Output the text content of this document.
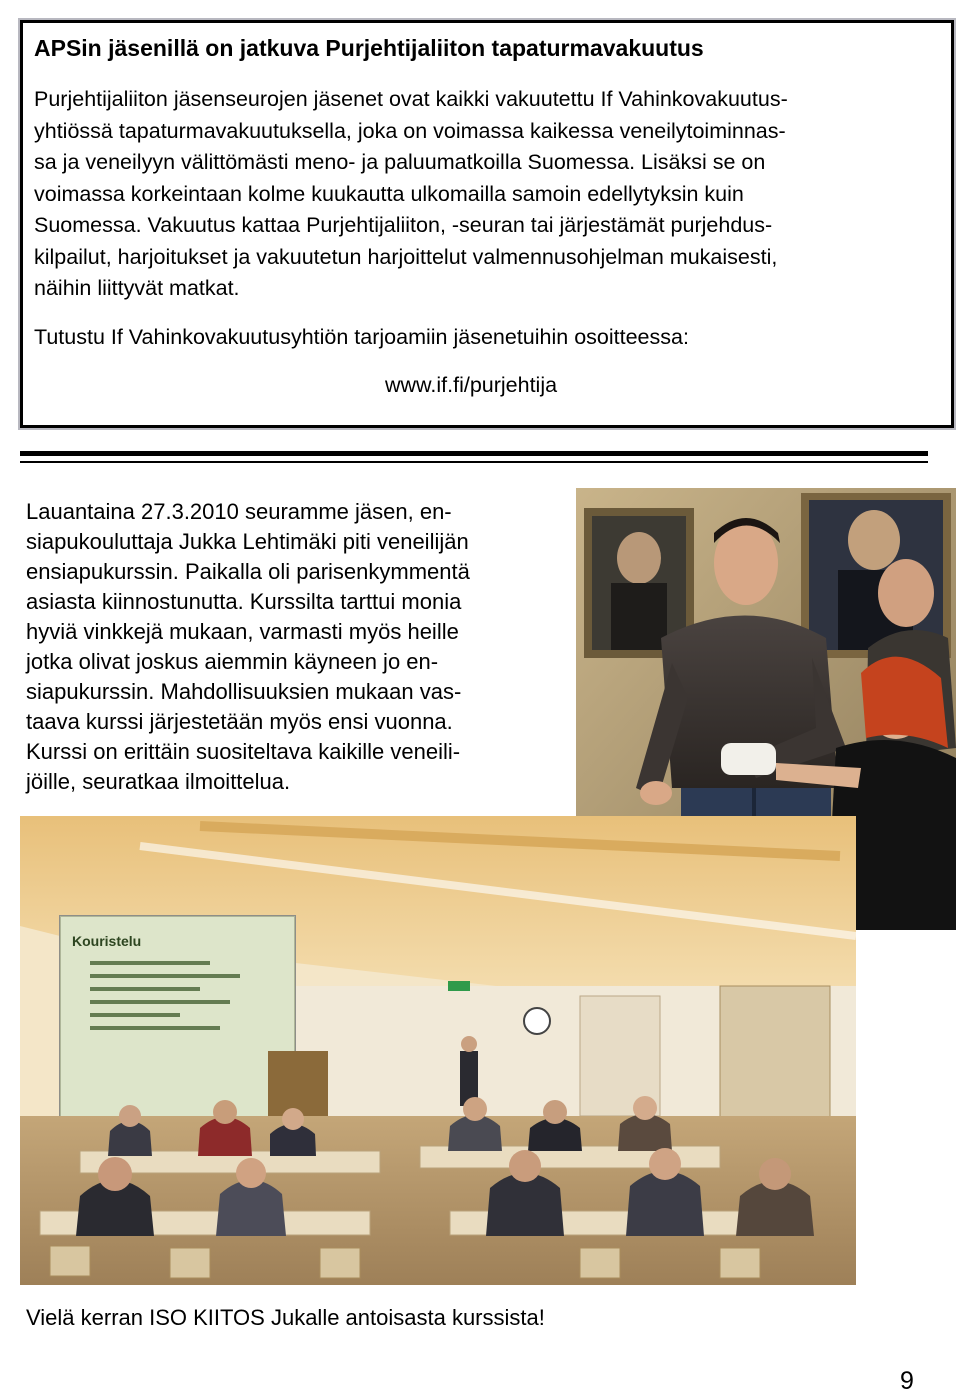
APSin jäsenillä on jatkuva Purjehtijaliiton tapaturmavakuutus

Purjehtijaliiton jäsenseurojen jäsenet ovat kaikki vakuutettu If Vahinkovakuutus-
yhtiössä tapaturmavakuutuksella, joka on voimassa kaikessa veneilytoiminnas-
sa ja veneilyyn välittömästi meno- ja paluumatkoilla Suomessa. Lisäksi se on
voimassa korkeintaan kolme kuukautta ulkomailla samoin edellytyksin kuin
Suomessa. Vakuutus kattaa Purjehtijaliiton, -seuran tai järjestämät purjehdus-
kilpailut, harjoitukset ja vakuutetun harjoittelut valmennusohjelman mukaisesti,
näihin liittyvät matkat.

Tutustu If Vahinkovakuutusyhtiön tarjoamiin jäsenetuihin osoitteessa:

www.if.fi/purjehtija

Lauantaina 27.3.2010 seuramme jäsen, en-
siapukouluttaja Jukka Lehtimäki piti veneilijän
ensiapukurssin. Paikalla oli parisenkymmentä
asiasta kiinnostunutta. Kurssilta tarttui monia
hyviä vinkkejä mukaan, varmasti myös heille
jotka olivat joskus aiemmin käyneen jo en-
siapukurssin. Mahdollisuuksien mukaan vas-
taava kurssi järjestetään myös ensi vuonna.
Kurssi on erittäin suositeltava kaikille veneili-
jöille, seuratkaa ilmoittelua.

Kouristelu

Vielä kerran ISO KIITOS Jukalle antoisasta kurssista!

9
